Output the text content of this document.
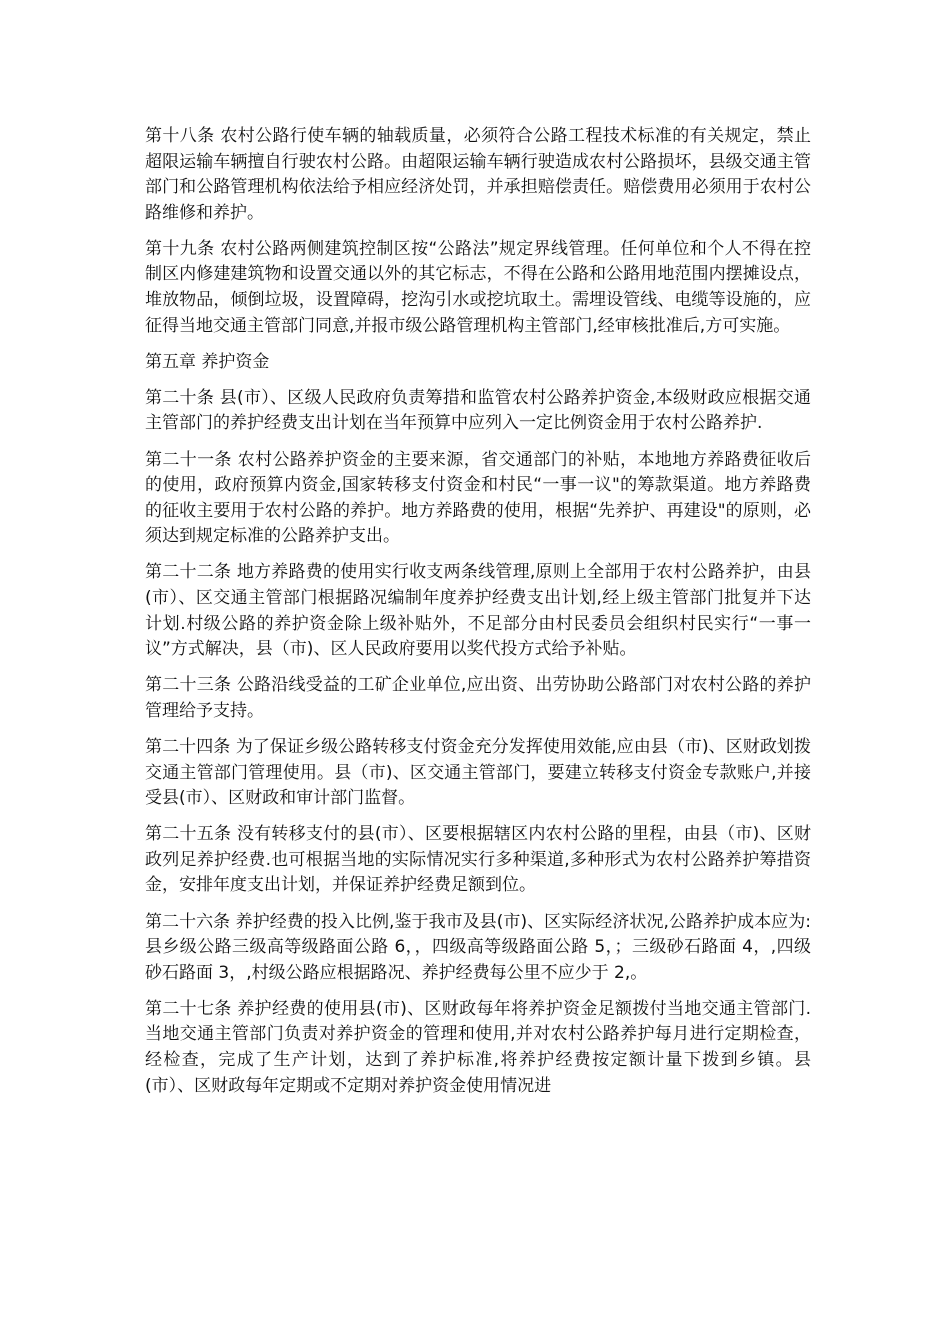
第十八条 农村公路行使车辆的轴载质量，必须符合公路工程技术标准的有关规定，禁止超限运输车辆擅自行驶农村公路。由超限运输车辆行驶造成农村公路损坏，县级交通主管部门和公路管理机构依法给予相应经济处罚，并承担赔偿责任。赔偿费用必须用于农村公路维修和养护。

第十九条 农村公路两侧建筑控制区按“公路法”规定界线管理。任何单位和个人不得在控制区内修建建筑物和设置交通以外的其它标志，不得在公路和公路用地范围内摆摊设点，堆放物品，倾倒垃圾，设置障碍，挖沟引水或挖坑取土。需埋设管线、电缆等设施的，应征得当地交通主管部门同意,并报市级公路管理机构主管部门,经审核批准后,方可实施。

第五章 养护资金

第二十条 县(市）、区级人民政府负责筹措和监管农村公路养护资金,本级财政应根据交通主管部门的养护经费支出计划在当年预算中应列入一定比例资金用于农村公路养护.

第二十一条 农村公路养护资金的主要来源，省交通部门的补贴，本地地方养路费征收后的使用，政府预算内资金,国家转移支付资金和村民“一事一议"的筹款渠道。地方养路费的征收主要用于农村公路的养护。地方养路费的使用，根据“先养护、再建设"的原则，必须达到规定标准的公路养护支出。

第二十二条 地方养路费的使用实行收支两条线管理,原则上全部用于农村公路养护，由县(市）、区交通主管部门根据路况编制年度养护经费支出计划,经上级主管部门批复并下达计划.村级公路的养护资金除上级补贴外，不足部分由村民委员会组织村民实行“一事一议”方式解决，县（市)、区人民政府要用以奖代投方式给予补贴。

第二十三条 公路沿线受益的工矿企业单位,应出资、出劳协助公路部门对农村公路的养护管理给予支持。

第二十四条 为了保证乡级公路转移支付资金充分发挥使用效能,应由县（市)、区财政划拨交通主管部门管理使用。县（市)、区交通主管部门，要建立转移支付资金专款账户,并接受县(市）、区财政和审计部门监督。

第二十五条 没有转移支付的县(市）、区要根据辖区内农村公路的里程，由县（市)、区财政列足养护经费.也可根据当地的实际情况实行多种渠道,多种形式为农村公路养护筹措资金，安排年度支出计划，并保证养护经费足额到位。

第二十六条 养护经费的投入比例,鉴于我市及县(市)、区实际经济状况,公路养护成本应为:县乡级公路三级高等级路面公路 6，，四级高等级路面公路 5，；三级砂石路面 4，,四级砂石路面 3，,村级公路应根据路况、养护经费每公里不应少于 2,。

第二十七条 养护经费的使用县(市)、区财政每年将养护资金足额拨付当地交通主管部门.当地交通主管部门负责对养护资金的管理和使用,并对农村公路养护每月进行定期检查，经检查，完成了生产计划，达到了养护标准,将养护经费按定额计量下拨到乡镇。县(市）、区财政每年定期或不定期对养护资金使用情况进
